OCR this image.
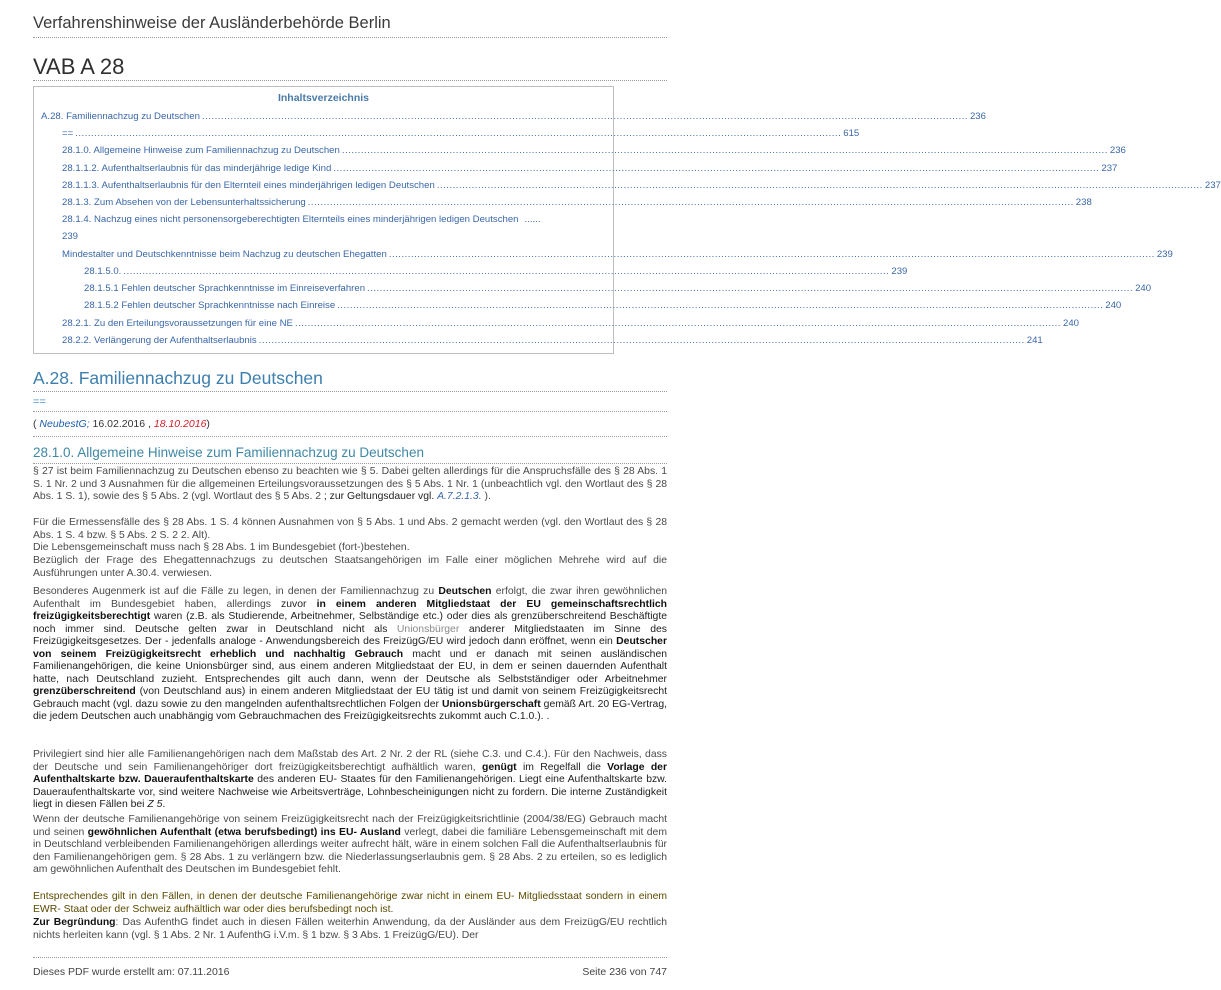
Verfahrenshinweise der Ausländerbehörde Berlin
VAB A 28
Inhaltsverzeichnis
A.28. Familiennachzug zu Deutschen .................................................................................................................................................................................................................................................. 236
== .................................................................................................................................................................................................................................................. 615
28.1.0. Allgemeine Hinweise zum Familiennachzug zu Deutschen .................................................................................................................................................................................................................................................. 236
28.1.1.2. Aufenthaltserlaubnis für das minderjährige ledige Kind .................................................................................................................................................................................................................................................. 237
28.1.1.3. Aufenthaltserlaubnis für den Elternteil eines minderjährigen ledigen Deutschen .................................................................................................................................................................................................................................................. 237
28.1.3. Zum Absehen von der Lebensunterhaltssicherung .................................................................................................................................................................................................................................................. 238
28.1.4. Nachzug eines nicht personensorgeberechtigten Elternteils eines minderjährigen ledigen Deutschen ......
239
Mindestalter und Deutschkenntnisse beim Nachzug zu deutschen Ehegatten .................................................................................................................................................................................................................................................. 239
28.1.5.0. .................................................................................................................................................................................................................................................. 239
28.1.5.1 Fehlen deutscher Sprachkenntnisse im Einreiseverfahren .................................................................................................................................................................................................................................................. 240
28.1.5.2 Fehlen deutscher Sprachkenntnisse nach Einreise .................................................................................................................................................................................................................................................. 240
28.2.1. Zu den Erteilungsvoraussetzungen für eine NE .................................................................................................................................................................................................................................................. 240
28.2.2. Verlängerung der Aufenthaltserlaubnis .................................................................................................................................................................................................................................................. 241
A.28. Familiennachzug zu Deutschen
==
( NeubestG; 16.02.2016 , 18.10.2016)
28.1.0. Allgemeine Hinweise zum Familiennachzug zu Deutschen
§ 27 ist beim Familiennachzug zu Deutschen ebenso zu beachten wie § 5. Dabei gelten allerdings für die Anspruchsfälle des § 28 Abs. 1 S. 1 Nr. 2 und 3 Ausnahmen für die allgemeinen Erteilungsvoraussetzungen des § 5 Abs. 1 Nr. 1 (unbeachtlich vgl. den Wortlaut des § 28 Abs. 1 S. 1), sowie des § 5 Abs. 2 (vgl. Wortlaut des § 5 Abs. 2 ; zur Geltungsdauer vgl. A.7.2.1.3. ).
Für die Ermessensfälle des § 28 Abs. 1 S. 4 können Ausnahmen von § 5 Abs. 1 und Abs. 2 gemacht werden (vgl. den Wortlaut des § 28 Abs. 1 S. 4 bzw. § 5 Abs. 2 S. 2 2. Alt).
Die Lebensgemeinschaft muss nach § 28 Abs. 1 im Bundesgebiet (fort-)bestehen.
Bezüglich der Frage des Ehegattennachzugs zu deutschen Staatsangehörigen im Falle einer möglichen Mehrehe wird auf die Ausführungen unter A.30.4. verwiesen.
Besonderes Augenmerk ist auf die Fälle zu legen, in denen der Familiennachzug zu Deutschen erfolgt, die zwar ihren gewöhnlichen Aufenthalt im Bundesgebiet haben, allerdings zuvor in einem anderen Mitgliedstaat der EU gemeinschaftsrechtlich freizügigkeitsberechtigt waren (z.B. als Studierende, Arbeitnehmer, Selbständige etc.) oder dies als grenzüberschreitend Beschäftigte noch immer sind. Deutsche gelten zwar in Deutschland nicht als Unionsbürger anderer Mitgliedstaaten im Sinne des Freizügigkeitsgesetzes. Der - jedenfalls analoge - Anwendungsbereich des FreizügG/EU wird jedoch dann eröffnet, wenn ein Deutscher von seinem Freizügigkeitsrecht erheblich und nachhaltig Gebrauch macht und er danach mit seinen ausländischen Familienangehörigen, die keine Unionsbürger sind, aus einem anderen Mitgliedstaat der EU, in dem er seinen dauernden Aufenthalt hatte, nach Deutschland zuzieht. Entsprechendes gilt auch dann, wenn der Deutsche als Selbstständiger oder Arbeitnehmer grenzüberschreitend (von Deutschland aus) in einem anderen Mitgliedstaat der EU tätig ist und damit von seinem Freizügigkeitsrecht Gebrauch macht (vgl. dazu sowie zu den mangelnden aufenthaltsrechtlichen Folgen der Unionsbürgerschaft gemäß Art. 20 EG-Vertrag, die jedem Deutschen auch unabhängig vom Gebrauchmachen des Freizügigkeitsrechts zukommt auch C.1.0.). .
Privilegiert sind hier alle Familienangehörigen nach dem Maßstab des Art. 2 Nr. 2 der RL (siehe C.3. und C.4.). Für den Nachweis, dass der Deutsche und sein Familienangehöriger dort freizügigkeitsberechtigt aufhältlich waren, genügt im Regelfall die Vorlage der Aufenthaltskarte bzw. Daueraufenthaltskarte des anderen EU- Staates für den Familienangehörigen. Liegt eine Aufenthaltskarte bzw. Daueraufenthaltskarte vor, sind weitere Nachweise wie Arbeitsverträge, Lohnbescheinigungen nicht zu fordern. Die interne Zuständigkeit liegt in diesen Fällen bei Z 5.
Wenn der deutsche Familienangehörige von seinem Freizügigkeitsrecht nach der Freizügigkeitsrichtlinie (2004/38/EG) Gebrauch macht und seinen gewöhnlichen Aufenthalt (etwa berufsbedingt) ins EU- Ausland verlegt, dabei die familiäre Lebensgemeinschaft mit dem in Deutschland verbleibenden Familienangehörigen allerdings weiter aufrecht hält, wäre in einem solchen Fall die Aufenthaltserlaubnis für den Familienangehörigen gem. § 28 Abs. 1 zu verlängern bzw. die Niederlassungserlaubnis gem. § 28 Abs. 2 zu erteilen, so es lediglich am gewöhnlichen Aufenthalt des Deutschen im Bundesgebiet fehlt.
Entsprechendes gilt in den Fällen, in denen der deutsche Familienangehörige zwar nicht in einem EU- Mitgliedsstaat sondern in einem EWR- Staat oder der Schweiz aufhältlich war oder dies berufsbedingt noch ist.
Zur Begründung: Das AufenthG findet auch in diesen Fällen weiterhin Anwendung, da der Ausländer aus dem FreizügG/EU rechtlich nichts herleiten kann (vgl. § 1 Abs. 2 Nr. 1 AufenthG i.V.m. § 1 bzw. § 3 Abs. 1 FreizügG/EU). Der
Dieses PDF wurde erstellt am: 07.11.2016	Seite 236 von 747
